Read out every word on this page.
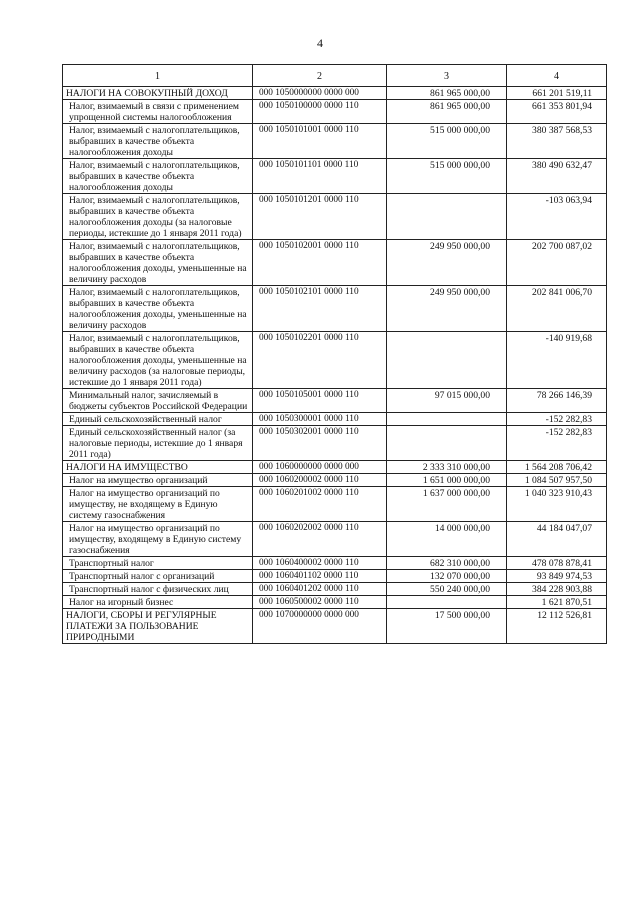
4
1	2	3	4
НАЛОГИ НА СОВОКУПНЫЙ ДОХОД	000 1050000000 0000 000	861 965 000,00	661 201 519,11
Налог, взимаемый в связи с применением упрощенной системы налогообложения	000 1050100000 0000 110	861 965 000,00	661 353 801,94
Налог, взимаемый с налогоплательщиков, выбравших в качестве объекта налогообложения доходы	000 1050101001 0000 110	515 000 000,00	380 387 568,53
Налог, взимаемый с налогоплательщиков, выбравших в качестве объекта налогообложения доходы	000 1050101101 0000 110	515 000 000,00	380 490 632,47
Налог, взимаемый с налогоплательщиков, выбравших в качестве объекта налогообложения доходы (за налоговые периоды, истекшие до 1 января 2011 года)	000 1050101201 0000 110		-103 063,94
Налог, взимаемый с налогоплательщиков, выбравших в качестве объекта налогообложения доходы, уменьшенные на величину расходов	000 1050102001 0000 110	249 950 000,00	202 700 087,02
Налог, взимаемый с налогоплательщиков, выбравших в качестве объекта налогообложения доходы, уменьшенные на величину расходов	000 1050102101 0000 110	249 950 000,00	202 841 006,70
Налог, взимаемый с налогоплательщиков, выбравших в качестве объекта налогообложения доходы, уменьшенные на величину расходов (за налоговые периоды, истекшие до 1 января 2011 года)	000 1050102201 0000 110		-140 919,68
Минимальный налог, зачисляемый в бюджеты субъектов Российской Федерации	000 1050105001 0000 110	97 015 000,00	78 266 146,39
Единый сельскохозяйственный налог	000 1050300001 0000 110		-152 282,83
Единый сельскохозяйственный налог (за налоговые периоды, истекшие до 1 января 2011 года)	000 1050302001 0000 110		-152 282,83
НАЛОГИ НА ИМУЩЕСТВО	000 1060000000 0000 000	2 333 310 000,00	1 564 208 706,42
Налог на имущество организаций	000 1060200002 0000 110	1 651 000 000,00	1 084 507 957,50
Налог на имущество организаций по имуществу, не входящему в Единую систему газоснабжения	000 1060201002 0000 110	1 637 000 000,00	1 040 323 910,43
Налог на имущество организаций по имуществу, входящему в Единую систему газоснабжения	000 1060202002 0000 110	14 000 000,00	44 184 047,07
Транспортный налог	000 1060400002 0000 110	682 310 000,00	478 078 878,41
Транспортный налог с организаций	000 1060401102 0000 110	132 070 000,00	93 849 974,53
Транспортный налог с физических лиц	000 1060401202 0000 110	550 240 000,00	384 228 903,88
Налог на игорный бизнес	000 1060500002 0000 110		1 621 870,51
НАЛОГИ, СБОРЫ И РЕГУЛЯРНЫЕ ПЛАТЕЖИ ЗА ПОЛЬЗОВАНИЕ ПРИРОДНЫМИ	000 1070000000 0000 000	17 500 000,00	12 112 526,81
